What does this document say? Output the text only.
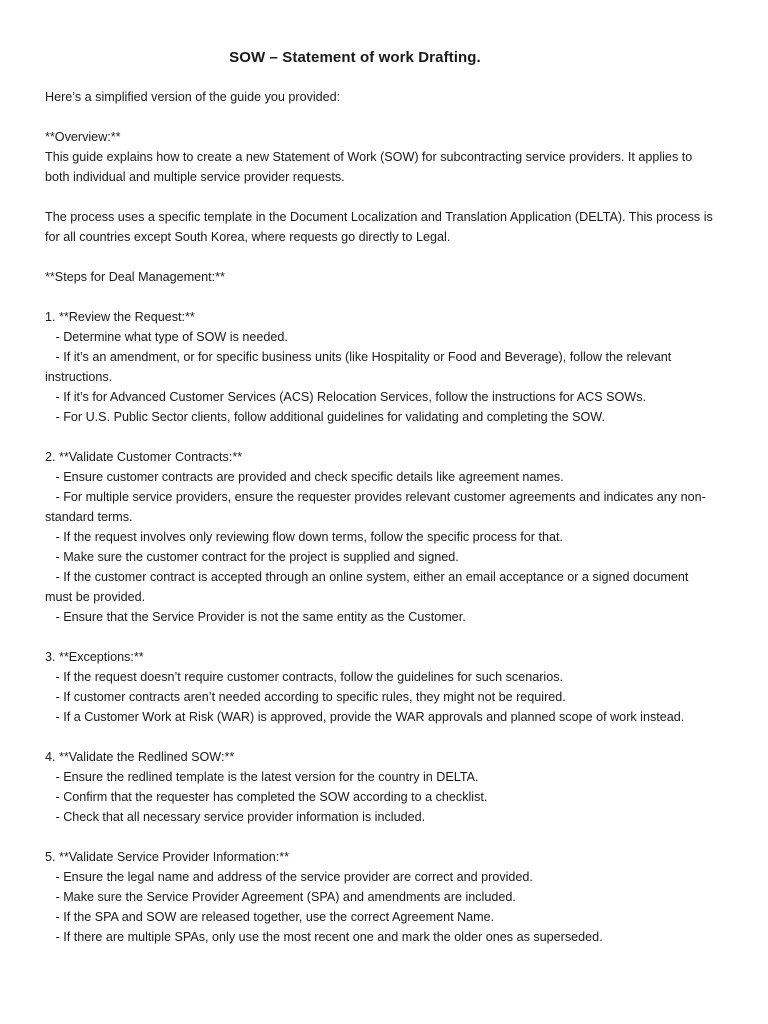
SOW – Statement of work Drafting.

Here’s a simplified version of the guide you provided:

**Overview:**

This guide explains how to create a new Statement of Work (SOW) for subcontracting service providers. It applies to

both individual and multiple service provider requests.

The process uses a specific template in the Document Localization and Translation Application (DELTA). This process is

for all countries except South Korea, where requests go directly to Legal.

**Steps for Deal Management:**

1. **Review the Request:**

- Determine what type of SOW is needed.

- If it’s an amendment, or for specific business units (like Hospitality or Food and Beverage), follow the relevant

instructions.

- If it’s for Advanced Customer Services (ACS) Relocation Services, follow the instructions for ACS SOWs.

- For U.S. Public Sector clients, follow additional guidelines for validating and completing the SOW.

2. **Validate Customer Contracts:**

- Ensure customer contracts are provided and check specific details like agreement names.

- For multiple service providers, ensure the requester provides relevant customer agreements and indicates any non-

standard terms.

- If the request involves only reviewing flow down terms, follow the specific process for that.

- Make sure the customer contract for the project is supplied and signed.

- If the customer contract is accepted through an online system, either an email acceptance or a signed document

must be provided.

- Ensure that the Service Provider is not the same entity as the Customer.

3. **Exceptions:**

- If the request doesn’t require customer contracts, follow the guidelines for such scenarios.

- If customer contracts aren’t needed according to specific rules, they might not be required.

- If a Customer Work at Risk (WAR) is approved, provide the WAR approvals and planned scope of work instead.

4. **Validate the Redlined SOW:**

- Ensure the redlined template is the latest version for the country in DELTA.

- Confirm that the requester has completed the SOW according to a checklist.

- Check that all necessary service provider information is included.

5. **Validate Service Provider Information:**

- Ensure the legal name and address of the service provider are correct and provided.

- Make sure the Service Provider Agreement (SPA) and amendments are included.

- If the SPA and SOW are released together, use the correct Agreement Name.

- If there are multiple SPAs, only use the most recent one and mark the older ones as superseded.
